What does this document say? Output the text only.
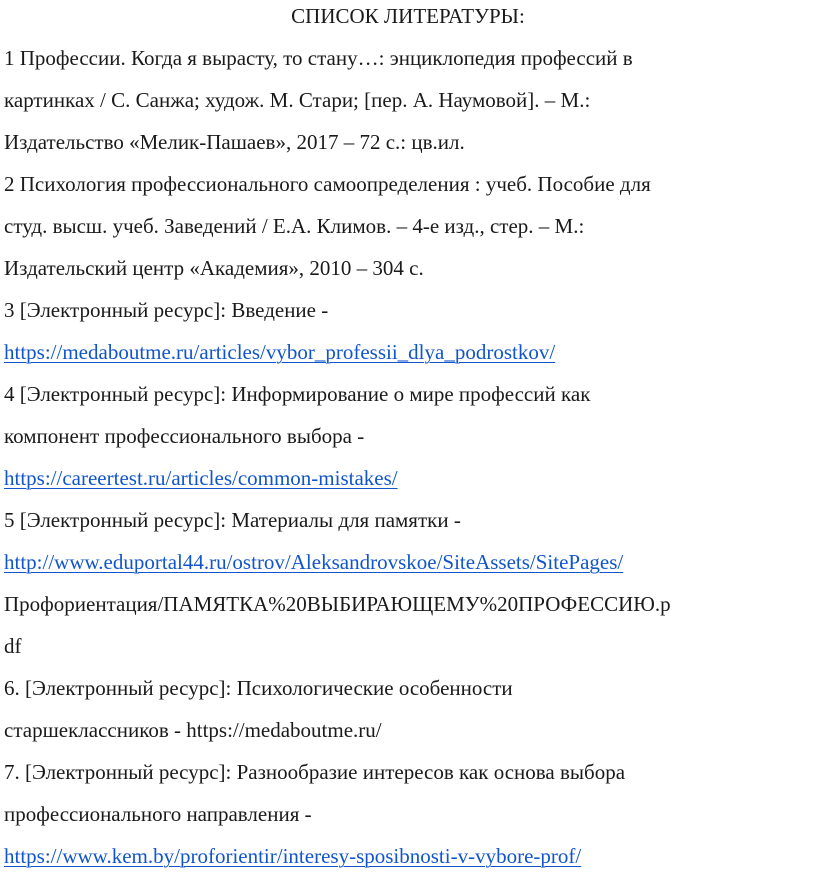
СПИСОК ЛИТЕРАТУРЫ:
1 Профессии. Когда я вырасту, то стану…: энциклопедия профессий в
картинках / С. Санжа; худож. М. Стари; [пер. А. Наумовой]. – М.:
Издательство «Мелик-Пашаев», 2017 – 72 с.: цв.ил.
2 Психология профессионального самоопределения : учеб. Пособие для
студ. высш. учеб. Заведений / Е.А. Климов. – 4-е изд., стер. – М.:
Издательский центр «Академия», 2010 – 304 с.
3 [Электронный ресурс]: Введение -
https://medaboutme.ru/articles/vybor_professii_dlya_podrostkov/
4 [Электронный ресурс]: Информирование о мире профессий как
компонент профессионального выбора -
https://careertest.ru/articles/common-mistakes/
5 [Электронный ресурс]: Материалы для памятки -
http://www.eduportal44.ru/ostrov/Aleksandrovskoe/SiteAssets/SitePages/
Профориентация/ПАМЯТКА%20ВЫБИРАЮЩЕМУ%20ПРОФЕССИЮ.p
df
6. [Электронный ресурс]: Психологические особенности
старшеклассников - https://medaboutme.ru/
7. [Электронный ресурс]: Разнообразие интересов как основа выбора
профессионального направления -
https://www.kem.by/proforientir/interesy-sposibnosti-v-vybore-prof/
